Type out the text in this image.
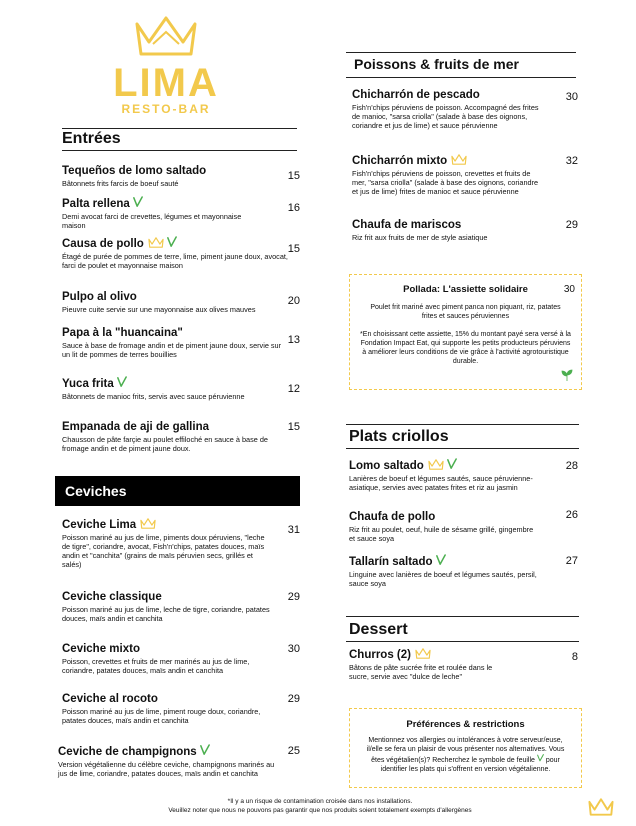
LIMA
RESTO-BAR
Entrées
Tequeños de lomo saltado
Bâtonnets frits farcis de boeuf sauté
15
Palta rellena
Demi avocat farci de crevettes, légumes et mayonnaise maison
16
Causa de pollo
Étagé de purée de pommes de terre, lime, piment jaune doux, avocat, farci de poulet et mayonnaise maison
15
Pulpo al olivo
Pieuvre cuite servie sur une mayonnaise aux olives mauves
20
Papa à la "huancaina"
Sauce à base de fromage andin et de piment jaune doux, servie sur un lit de pommes de terres bouillies
13
Yuca frita
Bâtonnets de manioc frits, servis avec sauce péruvienne
12
Empanada de aji de gallina
Chausson de pâte farçie au poulet effiloché en sauce à base de fromage andin et de piment jaune doux.
15
Ceviches
Ceviche Lima
Poisson mariné au jus de lime, piments doux péruviens, "leche de tigre", coriandre, avocat, Fish'n'chips, patates douces, maïs andin et "canchita" (grains de maïs péruvien secs, grillés et salés)
31
Ceviche classique
Poisson mariné au jus de lime, leche de tigre, coriandre, patates douces, maïs andin et canchita
29
Ceviche mixto
Poisson, crevettes et fruits de mer marinés au jus de lime, coriandre, patates douces, maïs andin et canchita
30
Ceviche al rocoto
Poisson mariné au jus de lime, piment rouge doux, coriandre, patates douces, maïs andin et canchita
29
Ceviche de champignons
Version végétalienne du célèbre ceviche, champignons marinés au jus de lime, coriandre, patates douces, maïs andin et canchita
25
Poissons & fruits de mer
Chicharrón de pescado
Fish'n'chips péruviens de poisson. Accompagné des frites de manioc, "sarsa criolla" (salade à base des oignons, coriandre et jus de lime) et sauce péruvienne
30
Chicharrón mixto
Fish'n'chips péruviens de poisson, crevettes et fruits de mer, "sarsa criolla" (salade à base des oignons, coriandre et jus de lime) frites de manioc et sauce péruvienne
32
Chaufa de mariscos
Riz frit aux fruits de mer de style asiatique
29
Pollada: L'assiette solidaire	30
Poulet frit mariné avec piment panca non piquant, riz, patates frites et sauces péruviennes
*En choisissant cette assiette, 15% du montant payé sera versé à la Fondation Impact Eat, qui supporte les petits producteurs péruviens à améliorer leurs conditions de vie grâce à l'activité agrotouristique durable.
Plats criollos
Lomo saltado
Lanières de boeuf et légumes sautés, sauce péruvienne-asiatique, servies avec patates frites et riz au jasmin
28
Chaufa de pollo
Riz frit au poulet, oeuf, huile de sésame grillé, gingembre et sauce soya
26
Tallarín saltado
Linguine avec lanières de boeuf et légumes sautés, persil, sauce soya
27
Dessert
Churros (2)
Bâtons de pâte sucrée frite et roulée dans le sucre, servie avec "dulce de leche"
8
Préférences & restrictions
Mentionnez vos allergies ou intolérances à votre serveur/euse, il/elle se fera un plaisir de vous présenter nos alternatives. Vous êtes végétalien(s)? Recherchez le symbole de feuille pour identifier les plats qui s'offrent en version végétalienne.
*Il y a un risque de contamination croisée dans nos installations.
Veuillez noter que nous ne pouvons pas garantir que nos produits soient totalement exempts d'allergènes
